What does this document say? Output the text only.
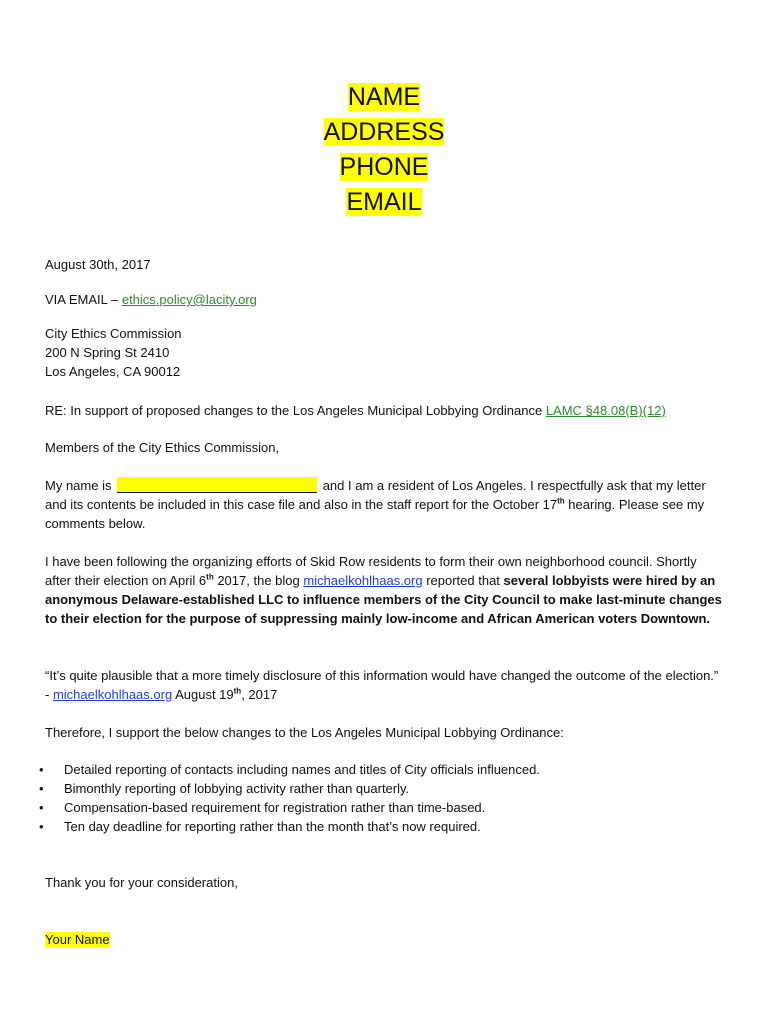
NAME
ADDRESS
PHONE
EMAIL

August 30th, 2017

VIA EMAIL – ethics.policy@lacity.org

City Ethics Commission
200 N Spring St 2410
Los Angeles, CA 90012

RE: In support of proposed changes to the Los Angeles Municipal Lobbying Ordinance LAMC §48.08(B)(12)

Members of the City Ethics Commission,

My name is	and I am a resident of Los Angeles. I respectfully ask that my letter and its contents be included in this case file and also in the staff report for the October 17th hearing. Please see my comments below.

I have been following the organizing efforts of Skid Row residents to form their own neighborhood council. Shortly after their election on April 6th 2017, the blog michaelkohlhaas.org reported that several lobbyists were hired by an anonymous Delaware-established LLC to influence members of the City Council to make last-minute changes to their election for the purpose of suppressing mainly low-income and African American voters Downtown.

“It’s quite plausible that a more timely disclosure of this information would have changed the outcome of the election.” - michaelkohlhaas.org August 19th, 2017

Therefore, I support the below changes to the Los Angeles Municipal Lobbying Ordinance:

• Detailed reporting of contacts including names and titles of City officials influenced.
• Bimonthly reporting of lobbying activity rather than quarterly.
• Compensation-based requirement for registration rather than time-based.
• Ten day deadline for reporting rather than the month that’s now required.

Thank you for your consideration,

Your Name
